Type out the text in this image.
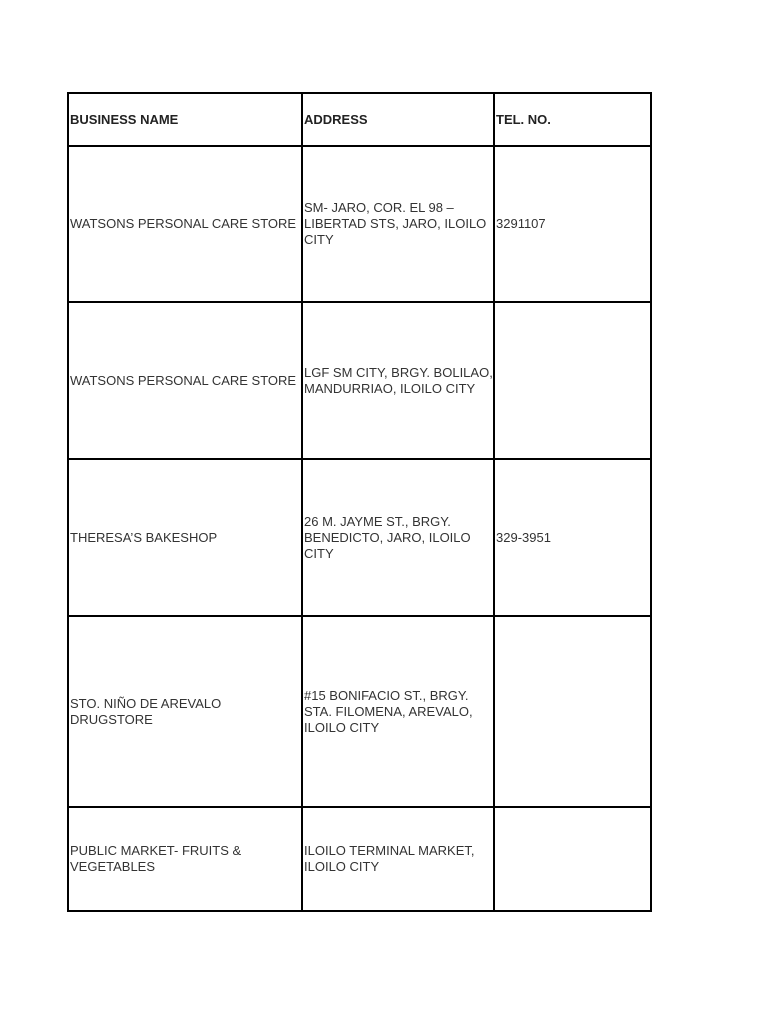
BUSINESS NAME	ADDRESS	TEL. NO.
WATSONS PERSONAL CARE STORE	SM- JARO, COR. EL 98 – LIBERTAD STS, JARO, ILOILO CITY	3291107
WATSONS PERSONAL CARE STORE	LGF SM CITY, BRGY. BOLILAO, MANDURRIAO, ILOILO CITY	
THERESA’S BAKESHOP	26 M. JAYME ST., BRGY. BENEDICTO, JARO, ILOILO CITY	329-3951
STO. NIÑO DE AREVALO DRUGSTORE	#15 BONIFACIO ST., BRGY. STA. FILOMENA, AREVALO, ILOILO CITY	
PUBLIC MARKET- FRUITS & VEGETABLES	ILOILO TERMINAL MARKET, ILOILO CITY	
